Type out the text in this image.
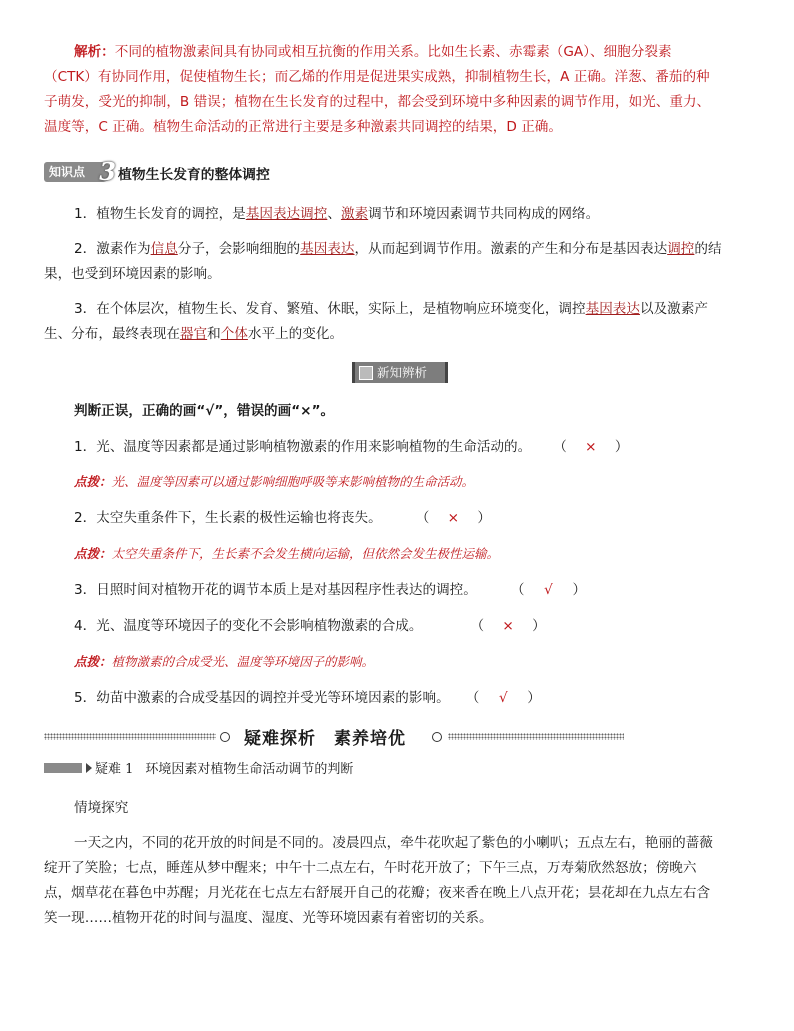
解析：不同的植物激素间具有协同或相互抗衡的作用关系。比如生长素、赤霉素（GA）、细胞分裂素
（CTK）有协同作用，促使植物生长；而乙烯的作用是促进果实成熟，抑制植物生长，A 正确。洋葱、番茄的种
子萌发，受光的抑制，B 错误；植物在生长发育的过程中，都会受到环境中多种因素的调节作用，如光、重力、
温度等，C 正确。植物生命活动的正常进行主要是多种激素共同调控的结果，D 正确。
知识点 3 植物生长发育的整体调控
1．植物生长发育的调控，是基因表达调控、激素调节和环境因素调节共同构成的网络。
2．激素作为信息分子，会影响细胞的基因表达，从而起到调节作用。激素的产生和分布是基因表达调控的结
果，也受到环境因素的影响。
3．在个体层次，植物生长、发育、繁殖、休眠，实际上，是植物响应环境变化，调控基因表达以及激素产
生、分布，最终表现在器官和个体水平上的变化。
新知辨析
判断正误，正确的画“√”，错误的画“×”。
1．光、温度等因素都是通过影响植物激素的作用来影响植物的生命活动的。 （ × ）
点拨：光、温度等因素可以通过影响细胞呼吸等来影响植物的生命活动。
2．太空失重条件下，生长素的极性运输也将丧失。	（ × ）
点拨：太空失重条件下，生长素不会发生横向运输，但依然会发生极性运输。
3．日照时间对植物开花的调节本质上是对基因程序性表达的调控。	（ √ ）
4．光、温度等环境因子的变化不会影响植物激素的合成。	（ × ）
点拨：植物激素的合成受光、温度等环境因子的影响。
5．幼苗中激素的合成受基因的调控并受光等环境因素的影响。 （ √ ）
疑难探析　素养培优
疑难 1 环境因素对植物生命活动调节的判断
情境探究
一天之内，不同的花开放的时间是不同的。凌晨四点，牵牛花吹起了紫色的小喇叭；五点左右，艳丽的蔷薇
绽开了笑脸；七点，睡莲从梦中醒来；中午十二点左右，午时花开放了；下午三点，万寿菊欣然怒放；傍晚六
点，烟草花在暮色中苏醒；月光花在七点左右舒展开自己的花瓣；夜来香在晚上八点开花；昙花却在九点左右含
笑一现……植物开花的时间与温度、湿度、光等环境因素有着密切的关系。
